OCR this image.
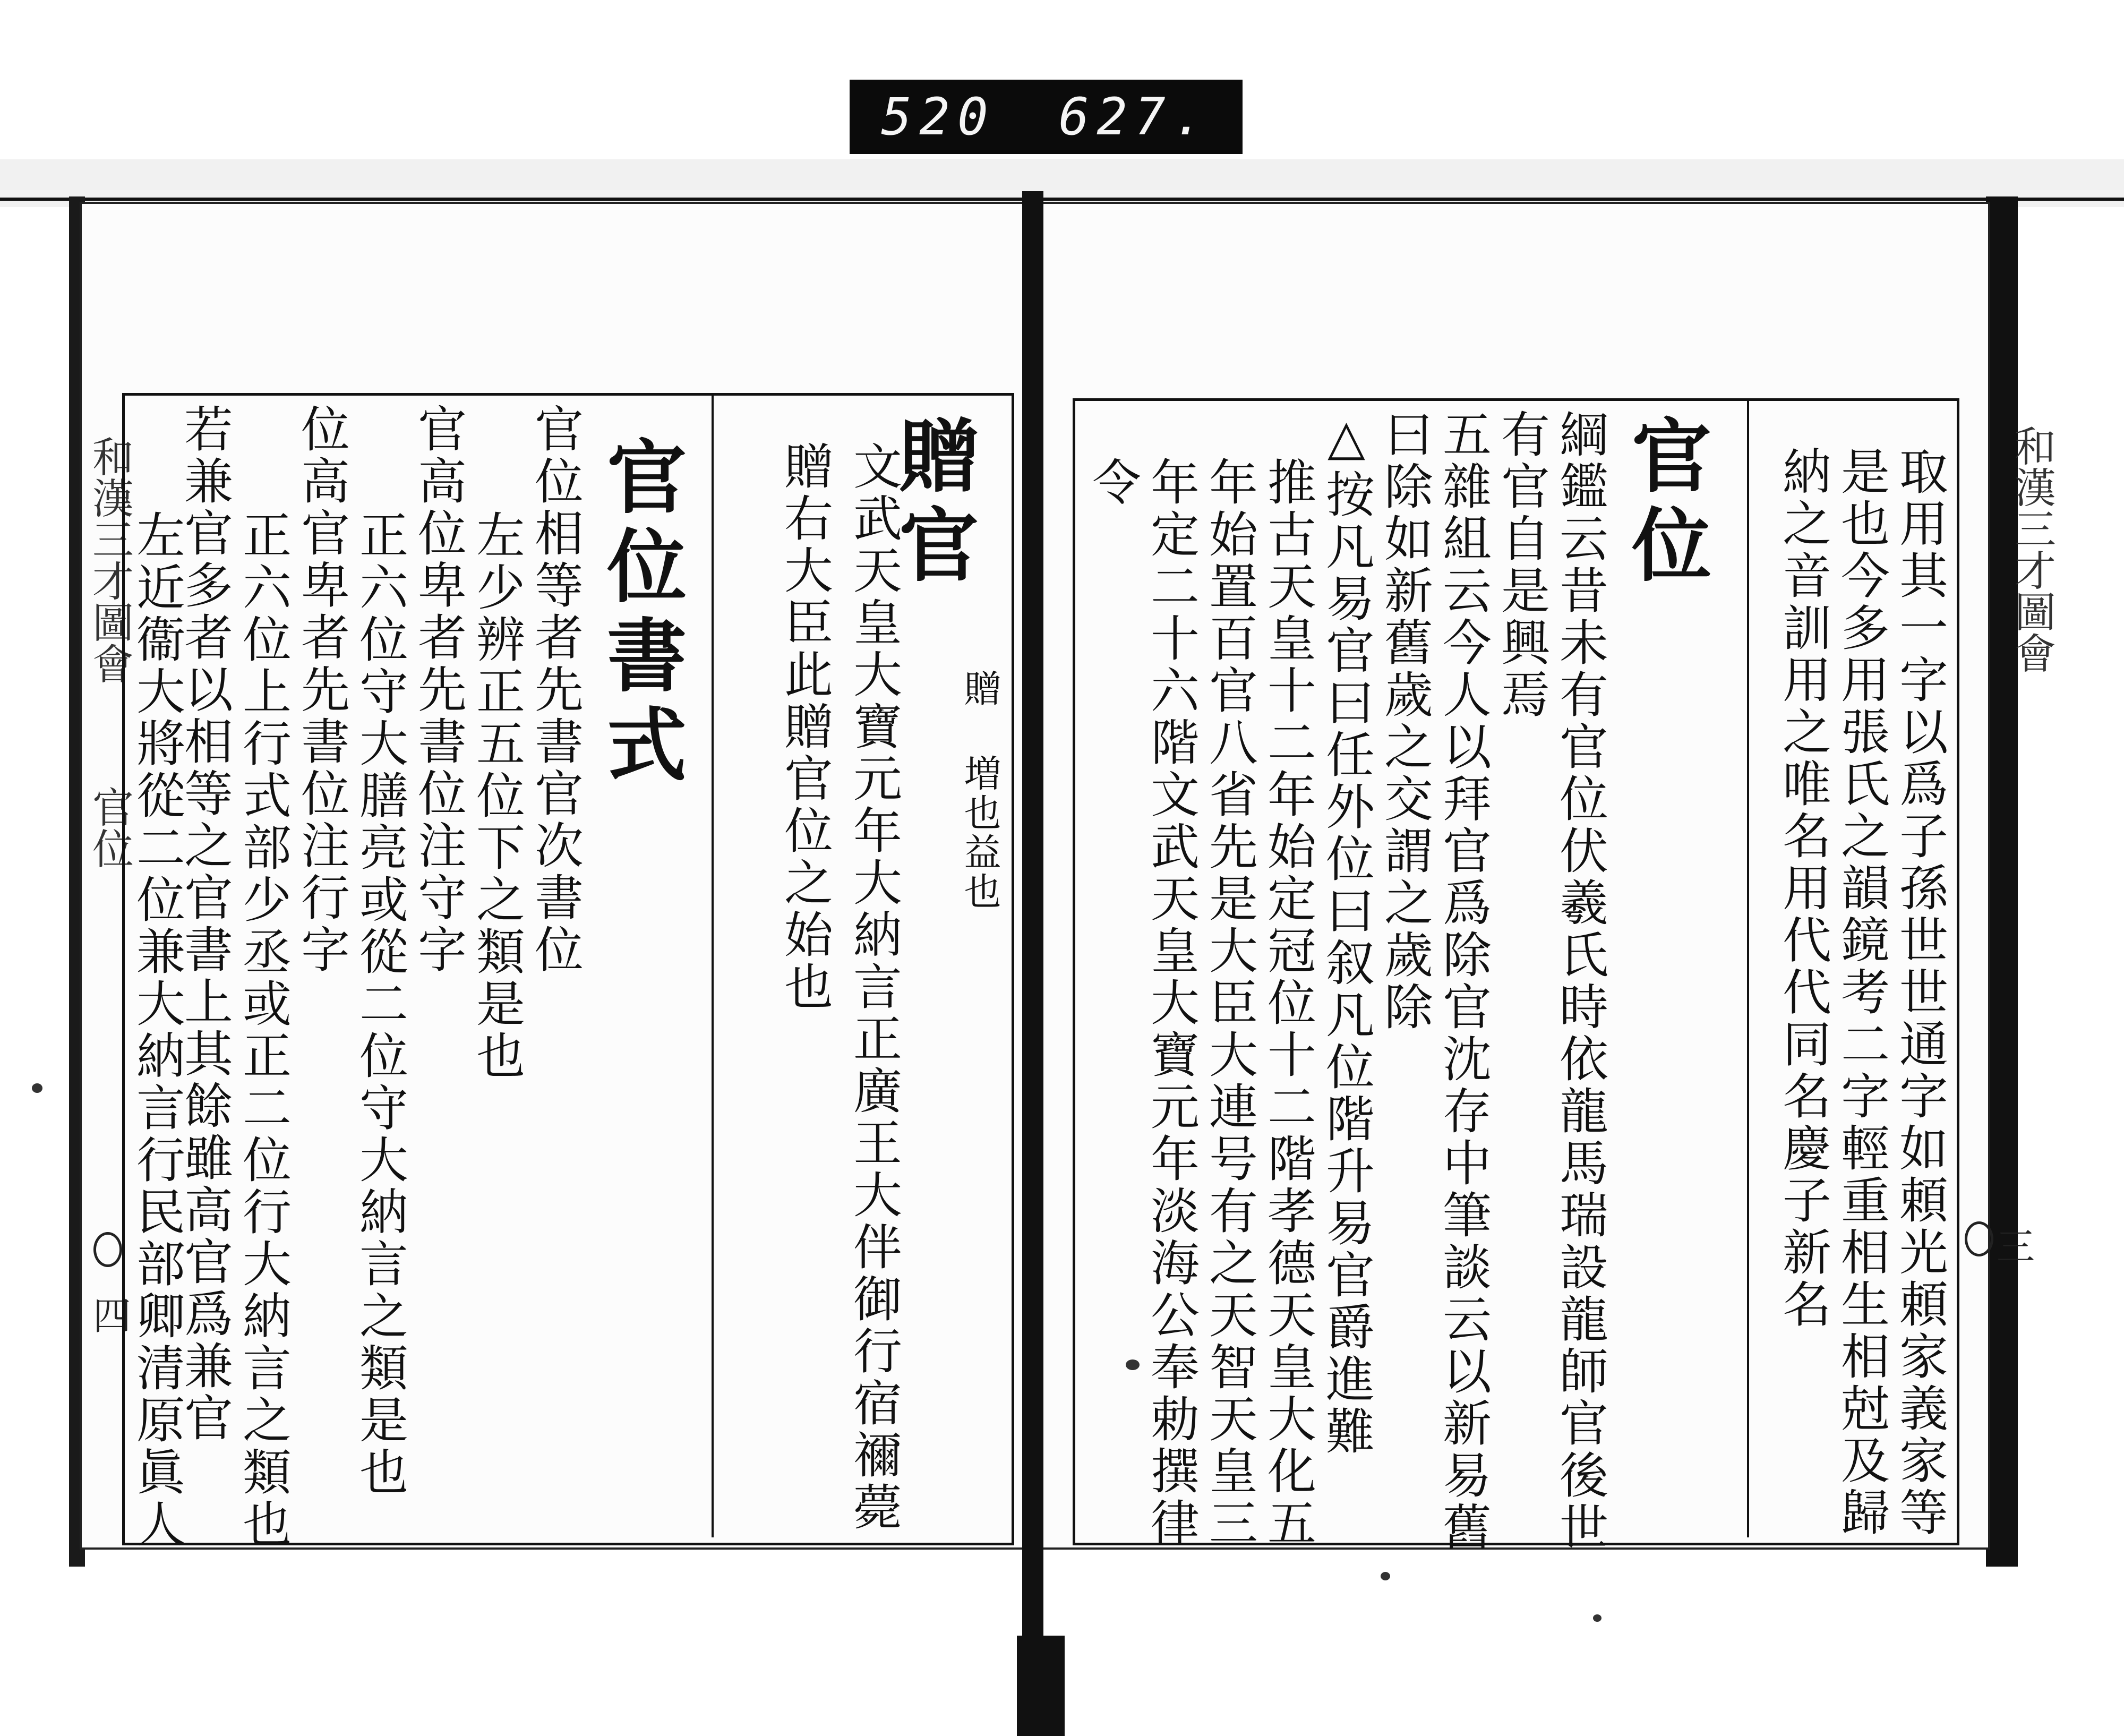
520 627.
和漢三才圖會
官位
四
和漢三才圖會
三
贈官
文武天皇大寶元年大納言正廣王大伴御行宿禰薨
贈右大臣此贈官位之始也	贈 増也益也
官位書式
官位相等者先書官次書位
左少辨正五位下之類是也
官高位卑者先書位注守字
正六位守大膳亮或從二位守大納言之類是也
位高官卑者先書位注行字
正六位上行式部少丞或正二位行大納言之類也
若兼官多者以相等之官書上其餘雖高官爲兼官
左近衞大將從二位兼大納言行民部卿清原眞人	取用其一字以爲子孫世世通字如頼光頼家義家等
是也今多用張氏之韻鏡考二字輕重相生相尅及歸
納之音訓用之唯名用代代同名慶子新名
官位
綱鑑云昔未有官位伏羲氏時依龍馬瑞設龍師官後世
有官自是興焉
五雜組云今人以拜官爲除官沈存中筆談云以新易舊
曰除如新舊歲之交謂之歲除
△按凡易官曰任外位曰叙凡位階升易官爵進難
推古天皇十二年始定冠位十二階孝德天皇大化五
年始置百官八省先是大臣大連号有之天智天皇三
年定二十六階文武天皇大寶元年淡海公奉勅撰律
令
